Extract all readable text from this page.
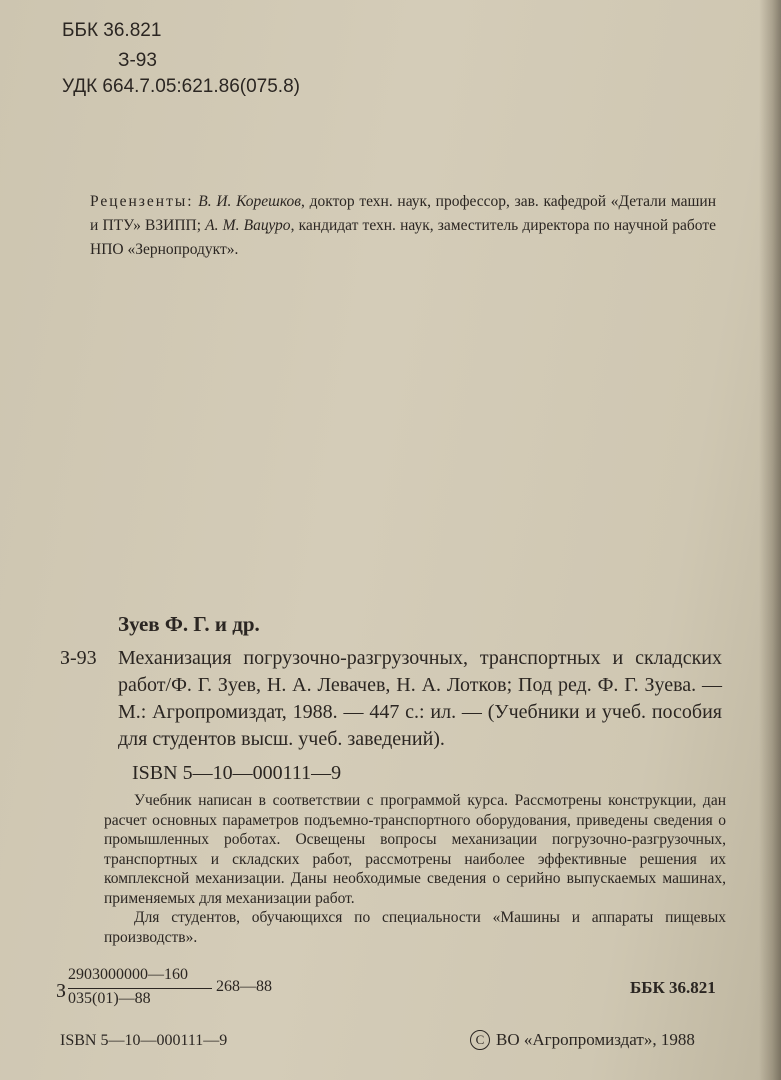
ББК 36.821
З-93
УДК 664.7.05:621.86(075.8)
Рецензенты: В. И. Корешков, доктор техн. наук, профессор, зав. кафедрой «Детали машин и ПТУ» ВЗИПП; А. М. Вацуро, кандидат техн. наук, заместитель директора по научной работе НПО «Зернопродукт».
Зуев Ф. Г. и др.
З-93 Механизация погрузочно-разгрузочных, транспортных и складских работ/Ф. Г. Зуев, Н. А. Левачев, Н. А. Лотков; Под ред. Ф. Г. Зуева. — М.: Агропромиздат, 1988. — 447 с.: ил. — (Учебники и учеб. пособия для студентов высш. учеб. заведений).
ISBN 5—10—000111—9

Учебник написан в соответствии с программой курса. Рассмотрены конструкции, дан расчет основных параметров подъемно-транспортного оборудования, приведены сведения о промышленных роботах. Освещены вопросы механизации погрузочно-разгрузочных, транспортных и складских работ, рассмотрены наиболее эффективные решения их комплексной механизации. Даны необходимые сведения о серийно выпускаемых машинах, применяемых для механизации работ.

Для студентов, обучающихся по специальности «Машины и аппараты пищевых производств».

З
2903000000—160
035(01)—88
268—88	ББК 36.821
ISBN 5—10—000111—9	C ВО «Агропромиздат», 1988
